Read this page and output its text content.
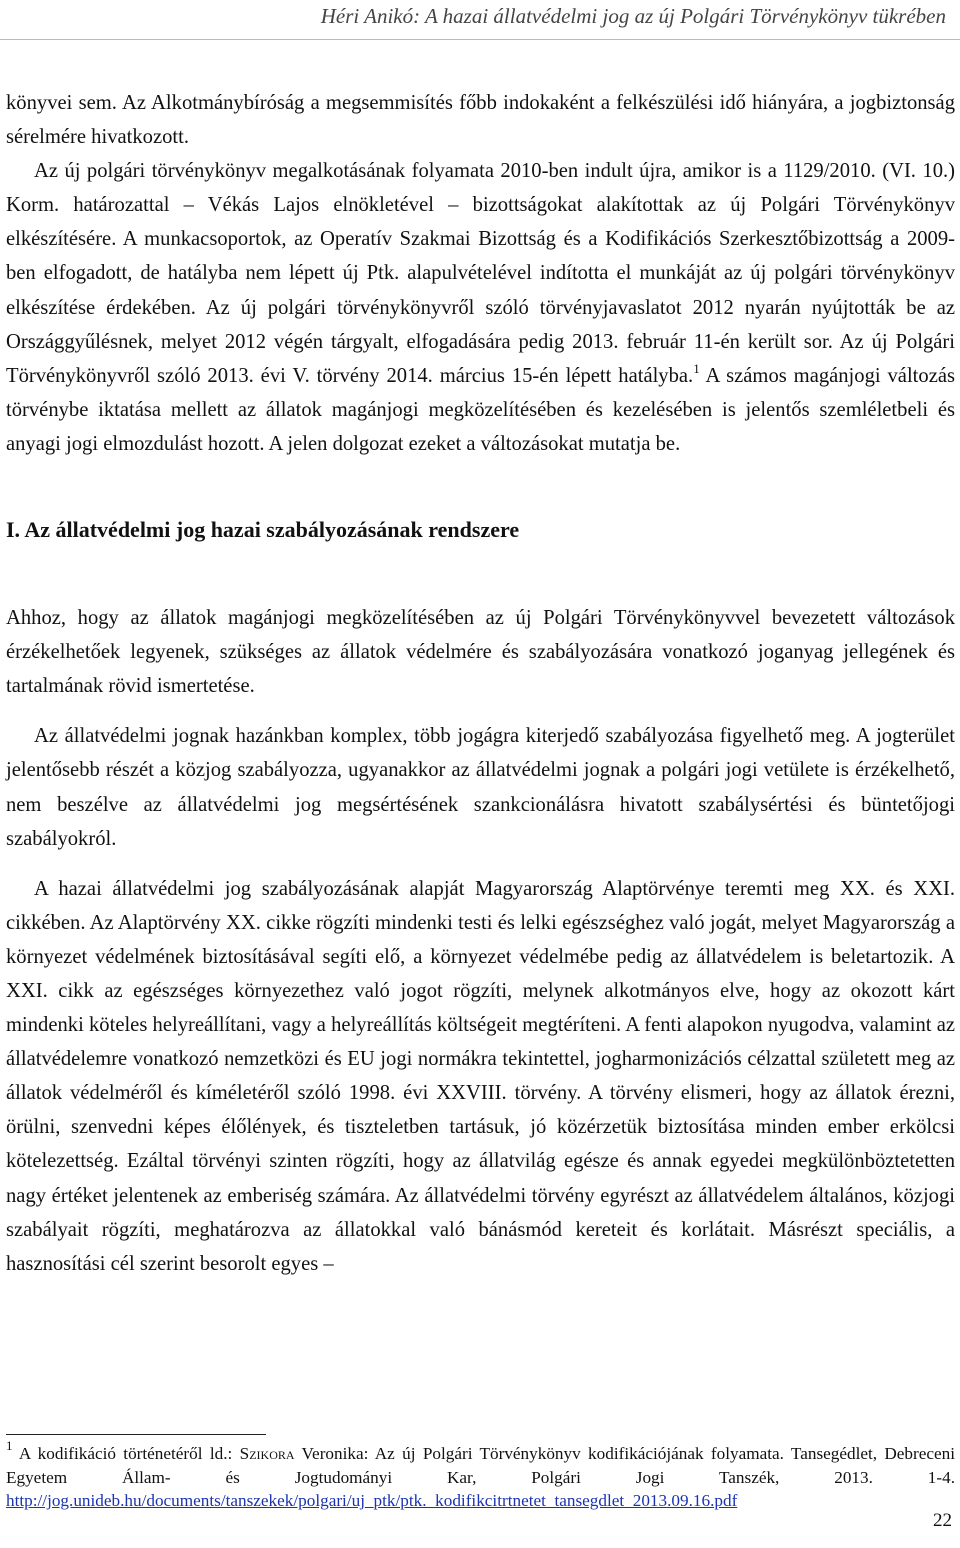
Héri Anikó: A hazai állatvédelmi jog az új Polgári Törvénykönyv tükrében

könyvei sem. Az Alkotmánybíróság a megsemmisítés főbb indokaként a felkészülési idő hiányára, a jogbiztonság sérelmére hivatkozott.

Az új polgári törvénykönyv megalkotásának folyamata 2010-ben indult újra, amikor is a 1129/2010. (VI. 10.) Korm. határozattal – Vékás Lajos elnökletével – bizottságokat alakítottak az új Polgári Törvénykönyv elkészítésére. A munkacsoportok, az Operatív Szakmai Bizottság és a Kodifikációs Szerkesztőbizottság a 2009-ben elfogadott, de hatályba nem lépett új Ptk. alapulvételével indította el munkáját az új polgári törvénykönyv elkészítése érdekében. Az új polgári törvénykönyvről szóló törvényjavaslatot 2012 nyarán nyújtották be az Országgyűlésnek, melyet 2012 végén tárgyalt, elfogadására pedig 2013. február 11-én került sor. Az új Polgári Törvénykönyvről szóló 2013. évi V. törvény 2014. március 15-én lépett hatályba.$^1$ A számos magánjogi változás törvénybe iktatása mellett az állatok magánjogi megközelítésében és kezelésében is jelentős szemléletbeli és anyagi jogi elmozdulást hozott. A jelen dolgozat ezeket a változásokat mutatja be.

I. Az állatvédelmi jog hazai szabályozásának rendszere

Ahhoz, hogy az állatok magánjogi megközelítésében az új Polgári Törvénykönyvvel bevezetett változások érzékelhetőek legyenek, szükséges az állatok védelmére és szabályozására vonatkozó joganyag jellegének és tartalmának rövid ismertetése.

Az állatvédelmi jognak hazánkban komplex, több jogágra kiterjedő szabályozása figyelhető meg. A jogterület jelentősebb részét a közjog szabályozza, ugyanakkor az állatvédelmi jognak a polgári jogi vetülete is érzékelhető, nem beszélve az állatvédelmi jog megsértésének szankcionálásra hivatott szabálysértési és büntetőjogi szabályokról.

A hazai állatvédelmi jog szabályozásának alapját Magyarország Alaptörvénye teremti meg XX. és XXI. cikkében. Az Alaptörvény XX. cikke rögzíti mindenki testi és lelki egészséghez való jogát, melyet Magyarország a környezet védelmének biztosításával segíti elő, a környezet védelmébe pedig az állatvédelem is beletartozik. A XXI. cikk az egészséges környezethez való jogot rögzíti, melynek alkotmányos elve, hogy az okozott kárt mindenki köteles helyreállítani, vagy a helyreállítás költségeit megtéríteni. A fenti alapokon nyugodva, valamint az állatvédelemre vonatkozó nemzetközi és EU jogi normákra tekintettel, jogharmonizációs célzattal született meg az állatok védelméről és kíméletéről szóló 1998. évi XXVIII. törvény. A törvény elismeri, hogy az állatok érezni, örülni, szenvedni képes élőlények, és tiszteletben tartásuk, jó közérzetük biztosítása minden ember erkölcsi kötelezettség. Ezáltal törvényi szinten rögzíti, hogy az állatvilág egésze és annak egyedei megkülönböztetetten nagy értéket jelentenek az emberiség számára. Az állatvédelmi törvény egyrészt az állatvédelem általános, közjogi szabályait rögzíti, meghatározva az állatokkal való bánásmód kereteit és korlátait. Másrészt speciális, a hasznosítási cél szerint besorolt egyes –

$^1$ A kodifikáció történetéről ld.: Szikora Veronika: Az új Polgári Törvénykönyv kodifikációjának folyamata. Tansegédlet, Debreceni Egyetem Állam- és Jogtudományi Kar, Polgári Jogi Tanszék, 2013. 1-4. http://jog.unideb.hu/documents/tanszekek/polgari/uj_ptk/ptk._kodifikcitrtnetet_tansegdlet_2013.09.16.pdf
22
